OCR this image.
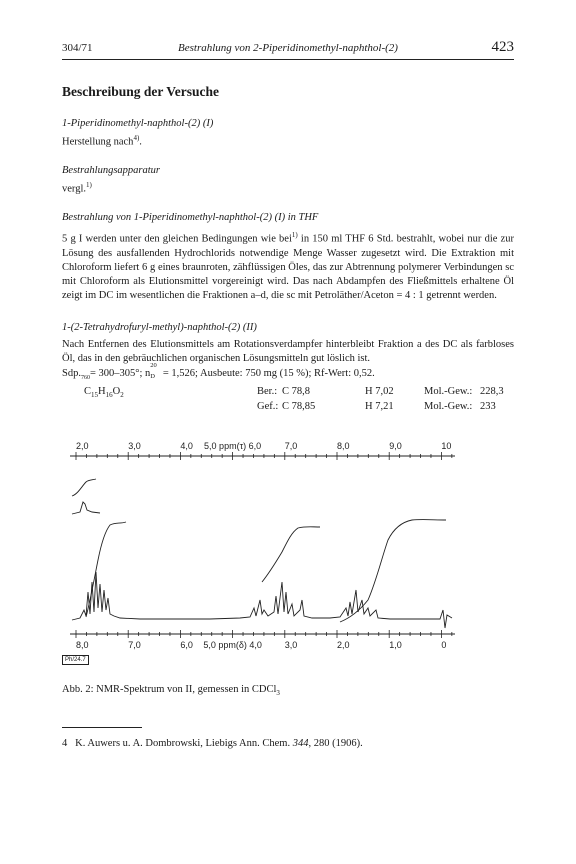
304/71	Bestrahlung von 2-Piperidinomethyl-naphthol-(2)	423
Beschreibung der Versuche
1-Piperidinomethyl-naphthol-(2) (I)
Herstellung nach$^{4)}$.
Bestrahlungsapparatur
vergl.$^{1)}$
Bestrahlung von 1-Piperidinomethyl-naphthol-(2) (I) in THF
5 g I werden unter den gleichen Bedingungen wie bei$^{1)}$ in 150 ml THF 6 Std. bestrahlt, wobei nur die zur Lösung des ausfallenden Hydrochlorids notwendige Menge Wasser zugesetzt wird. Die Extraktion mit Chloroform liefert 6 g eines braunroten, zähflüssigen Öles, das zur Abtrennung polymerer Verbindungen sc mit Chloroform als Elutionsmittel vorgereinigt wird. Das nach Abdampfen des Fließmittels erhaltene Öl zeigt im DC im wesentlichen die Fraktionen a–d, die sc mit Petroläther/Aceton = 4 : 1 getrennt werden.
1-(2-Tetrahydrofuryl-methyl)-naphthol-(2) (II)
Nach Entfernen des Elutionsmittels am Rotationsverdampfer hinterbleibt Fraktion a des DC als farbloses Öl, das in den gebräuchlichen organischen Lösungsmitteln gut löslich ist.
$Sdp._{760}= 300-305^\circ$; n
20
D = 1,526; Ausbeute: 750 mg (15 %); Rf-Wert: 0,52.
$C_{15}H_{16}O_2$	Ber.: C 78,8	H 7,02	Mol.-Gew.: 228,3
Gef.: C 78,85	H 7,21	Mol.-Gew.: 233
2,0	3,0	4,0 5,0 ppm(τ) 6,0	7,0	8,0	9,0	10
8,0	7,0	6,0 5,0 ppm(δ) 4,0	3,0	2,0	1,0	0
Ph/24.7
Abb. 2: NMR-Spektrum von II, gemessen in CDCl$_3$
4 K. Auwers u. A. Dombrowski, Liebigs Ann. Chem. 344, 280 (1906).
